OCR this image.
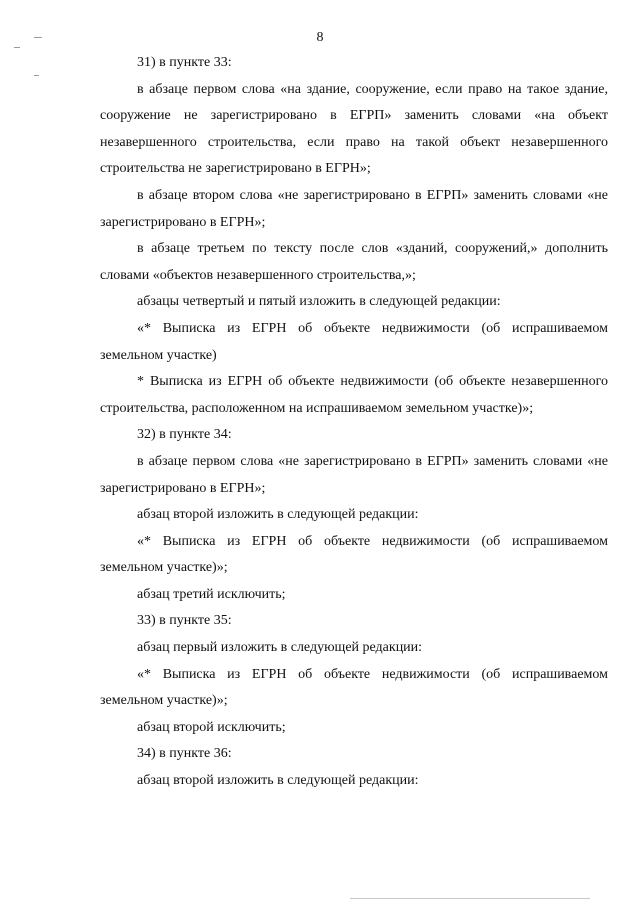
8

31) в пункте 33:

в абзаце первом слова «на здание, сооружение, если право на такое здание, сооружение не зарегистрировано в ЕГРП» заменить словами «на объект незавершенного строительства, если право на такой объект незавершенного строительства не зарегистрировано в ЕГРН»;

в абзаце втором слова «не зарегистрировано в ЕГРП» заменить словами «не зарегистрировано в ЕГРН»;

в абзаце третьем по тексту после слов «зданий, сооружений,» дополнить словами «объектов незавершенного строительства,»;

абзацы четвертый и пятый изложить в следующей редакции:

«* Выписка из ЕГРН об объекте недвижимости (об испрашиваемом земельном участке)

* Выписка из ЕГРН об объекте недвижимости (об объекте незавершенного строительства, расположенном на испрашиваемом земельном участке)»;

32) в пункте 34:

в абзаце первом слова «не зарегистрировано в ЕГРП» заменить словами «не зарегистрировано в ЕГРН»;

абзац второй изложить в следующей редакции:

«* Выписка из ЕГРН об объекте недвижимости (об испрашиваемом земельном участке)»;

абзац третий исключить;

33) в пункте 35:

абзац первый изложить в следующей редакции:

«* Выписка из ЕГРН об объекте недвижимости (об испрашиваемом земельном участке)»;

абзац второй исключить;

34) в пункте 36:

абзац второй изложить в следующей редакции:
